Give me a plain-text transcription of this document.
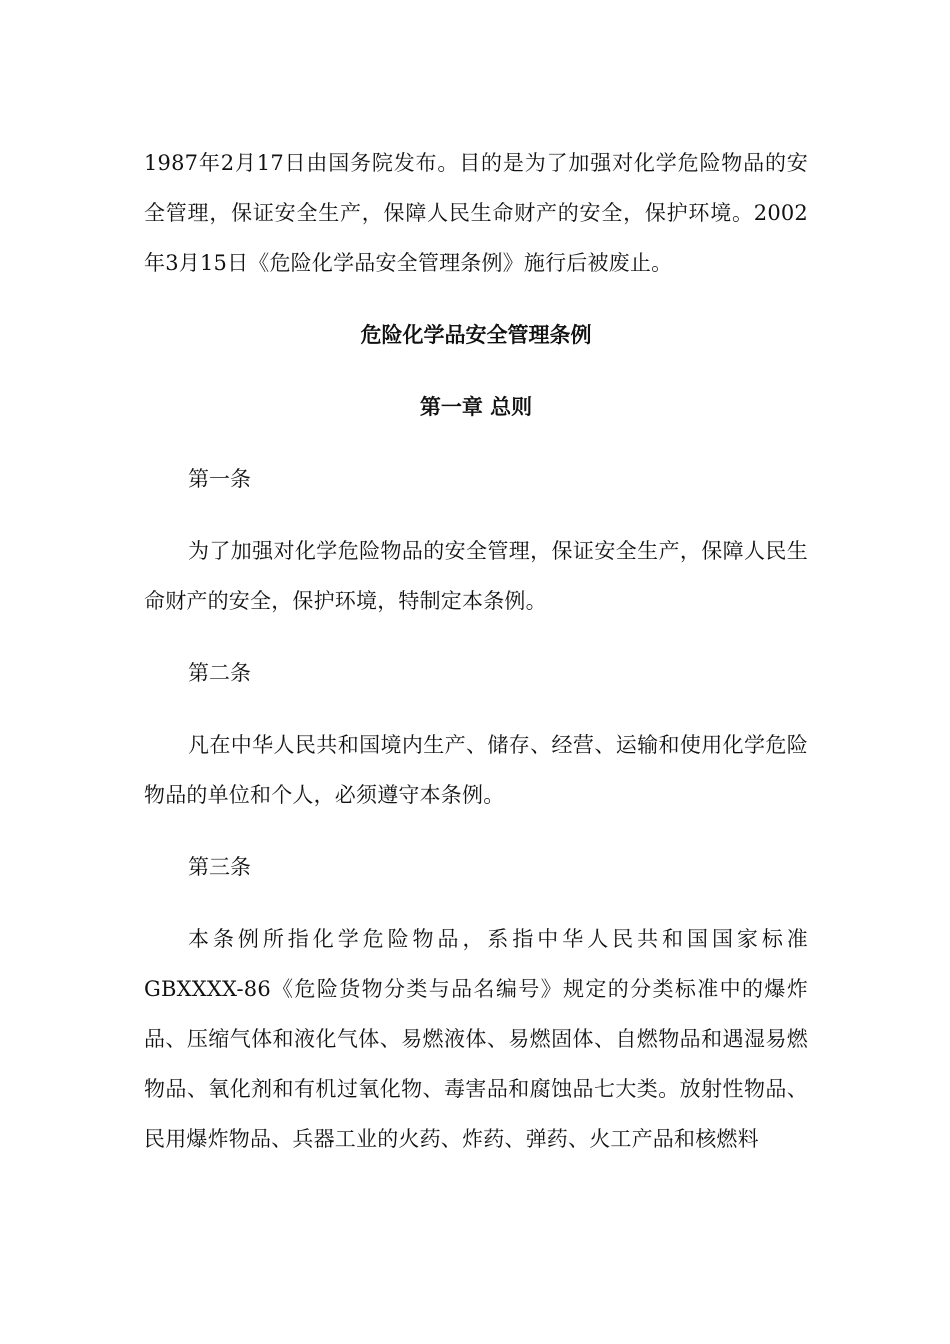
1987年2月17日由国务院发布。目的是为了加强对化学危险物品的安全管理，保证安全生产，保障人民生命财产的安全，保护环境。2002年3月15日《危险化学品安全管理条例》施行后被废止。

危险化学品安全管理条例
第一章 总则

第一条

为了加强对化学危险物品的安全管理，保证安全生产，保障人民生命财产的安全，保护环境，特制定本条例。

第二条

凡在中华人民共和国境内生产、储存、经营、运输和使用化学危险物品的单位和个人，必须遵守本条例。

第三条

本条例所指化学危险物品，系指中华人民共和国国家标准GBXXXX-86《危险货物分类与品名编号》规定的分类标准中的爆炸品、压缩气体和液化气体、易燃液体、易燃固体、自燃物品和遇湿易燃物品、氧化剂和有机过氧化物、毒害品和腐蚀品七大类。放射性物品、民用爆炸物品、兵器工业的火药、炸药、弹药、火工产品和核燃料
